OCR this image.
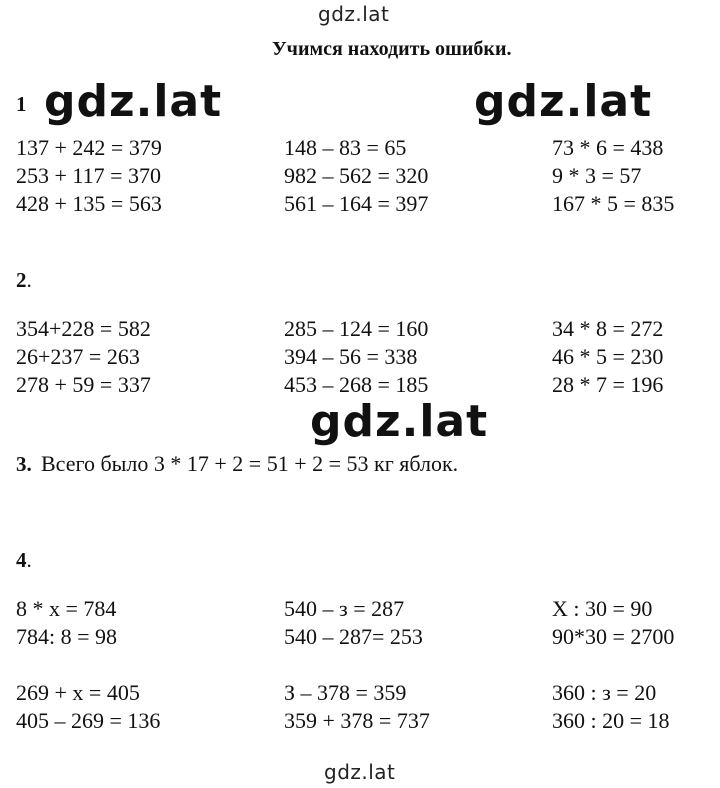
gdz.lat
gdz.lat	gdz.lat
gdz.lat
gdz.lat
Учимся находить ошибки.
1
137 + 242 = 379
253 + 117 = 370
428 + 135 = 563
148 – 83 = 65
982 – 562 = 320
561 – 164 = 397
73 * 6 = 438
9 * 3 = 57
167 * 5 = 835
2.
354+228 = 582
26+237 = 263
278 + 59 = 337
285 – 124 = 160
394 – 56 = 338
453 – 268 = 185
34 * 8 = 272
46 * 5 = 230
28 * 7 = 196
3. Всего было 3 * 17 + 2 = 51 + 2 = 53 кг яблок.
4.
8 * х = 784
784: 8 = 98
540 – з = 287
540 – 287= 253
Х : 30 = 90
90*30 = 2700
269 + х = 405
405 – 269 = 136
З – 378 = 359
359 + 378 = 737
360 : з = 20
360 : 20 = 18
